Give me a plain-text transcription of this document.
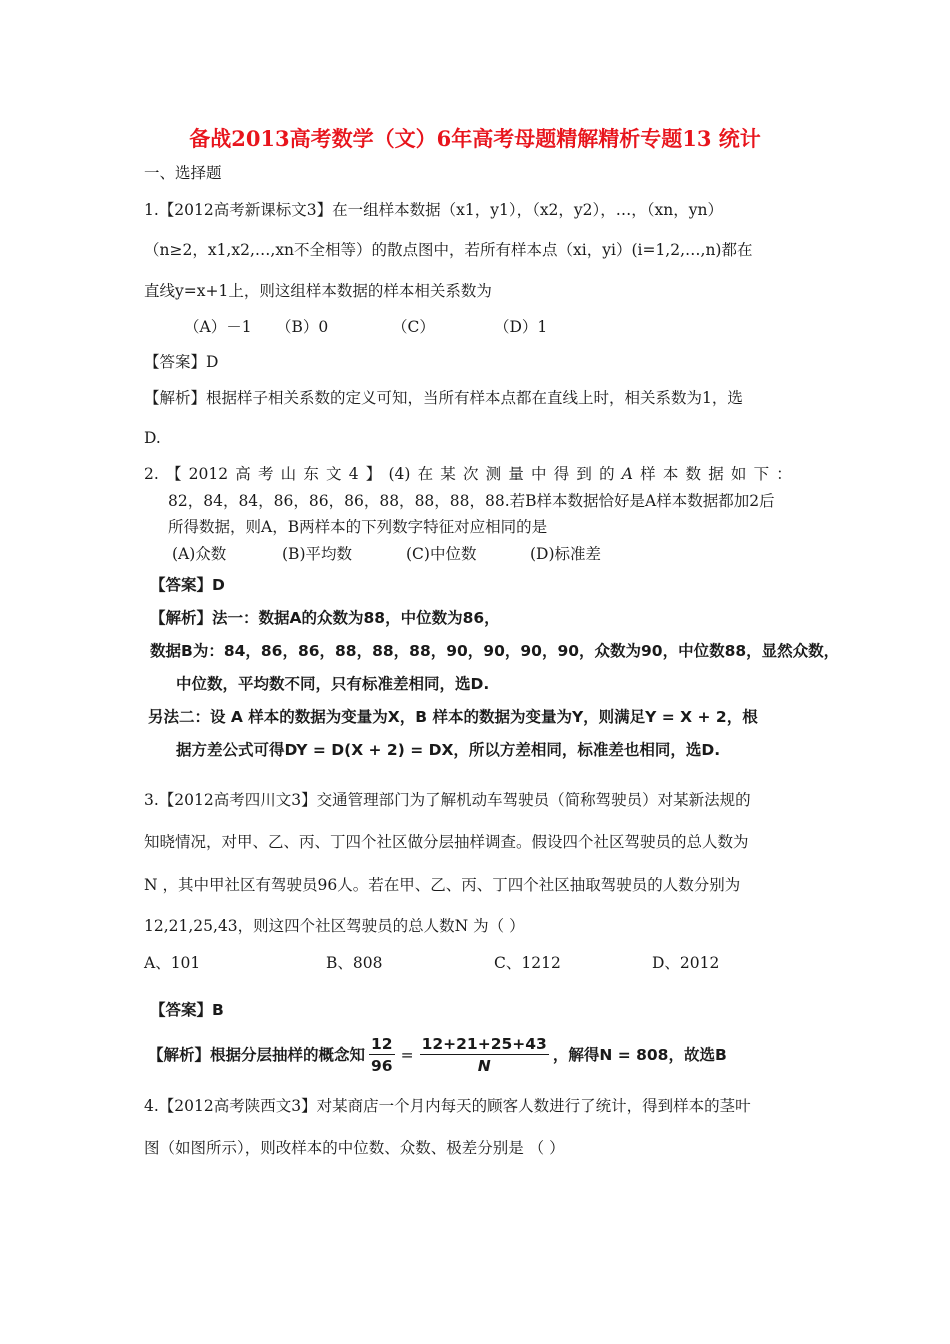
备战2013高考数学（文）6年高考母题精解精析专题13 统计
一、选择题
1.【2012高考新课标文3】在一组样本数据（x1，y1），（x2，y2），…，（xn，yn）
（n≥2，x1,x2,…,xn不全相等）的散点图中，若所有样本点（xi，yi）(i=1,2,…,n)都在
直线y=x+1上，则这组样本数据的样本相关系数为
（A）－1 （B）0	（C）	（D）1
【答案】D
【解析】根据样子相关系数的定义可知，当所有样本点都在直线上时，相关系数为1，选
D.
2. 【 2012 高 考 山 东 文 4 】 (4) 在 某 次 测 量 中 得 到 的 A 样 本 数 据 如 下 ：
82，84，84，86，86，86，88，88，88，88.若B样本数据恰好是A样本数据都加2后
所得数据，则A，B两样本的下列数字特征对应相同的是
(A)众数	(B)平均数	(C)中位数	(D)标准差
【答案】D
【解析】法一：数据A的众数为88，中位数为86，
数据B为：84，86，86，88，88，88，90，90，90，90，众数为90，中位数88，显然众数，
中位数，平均数不同，只有标准差相同，选D.
另法二：设 A 样本的数据为变量为X，B 样本的数据为变量为Y，则满足Y = X + 2，根
据方差公式可得DY = D(X + 2) = DX，所以方差相同，标准差也相同，选D.
3.【2012高考四川文3】交通管理部门为了解机动车驾驶员（简称驾驶员）对某新法规的
知晓情况，对甲、乙、丙、丁四个社区做分层抽样调查。假设四个社区驾驶员的总人数为
N ，其中甲社区有驾驶员96人。若在甲、乙、丙、丁四个社区抽取驾驶员的人数分别为
12,21,25,43，则这四个社区驾驶员的总人数N 为（ ）
A、101	B、808	C、1212	D、2012
【答案】B
【解析】根据分层抽样的概念知 $\frac{12}{96} = \frac{12+21+25+43}{N}$ ，解得N = 808，故选B
4.【2012高考陕西文3】对某商店一个月内每天的顾客人数进行了统计，得到样本的茎叶
图（如图所示），则改样本的中位数、众数、极差分别是 （ ）
